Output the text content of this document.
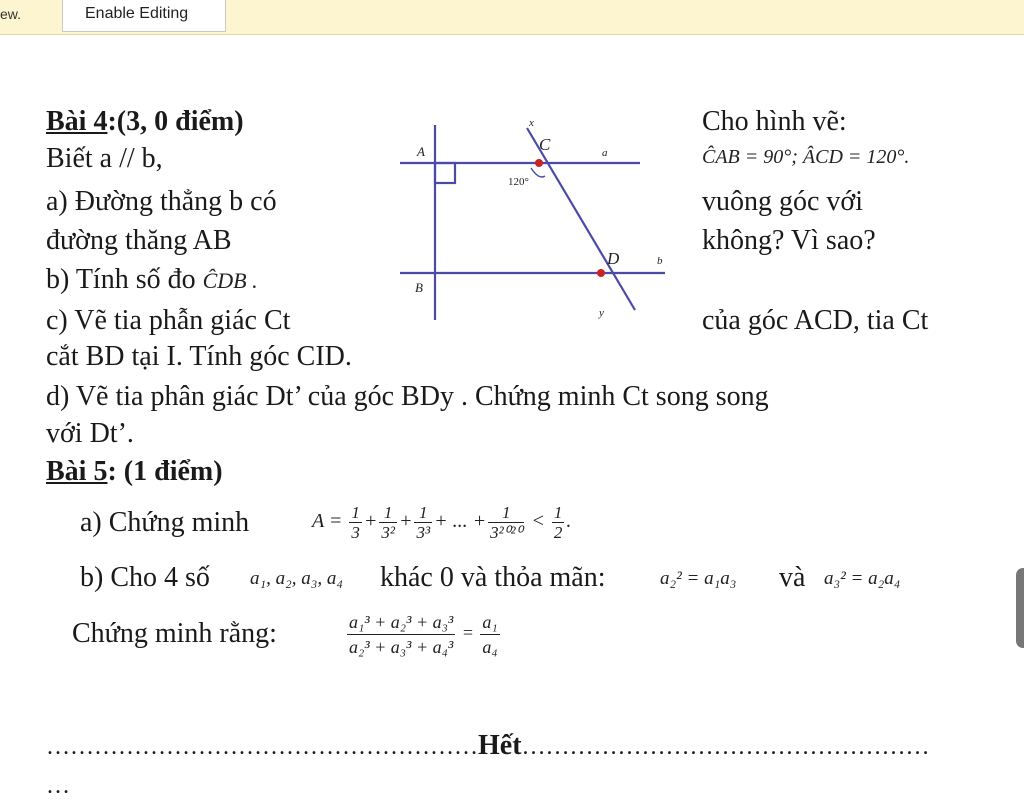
ew.	Enable Editing
Bài 4:(3, 0 điểm)
Biết a // b,
Cho hình vẽ:
ĈAB = 90°; ÂCD = 120°.
a) Đường thẳng b có	vuông góc với
đường thăng AB	không? Vì sao?
b) Tính số đo ĈDB .
c) Vẽ tia phẫn giác Ct	của góc ACD, tia Ct
cắt BD tại I. Tính góc CID.
d) Vẽ tia phân giác Dt’ của góc BDy . Chứng minh Ct song song
với Dt’.
A
B
C
D
x
y
a
b
120°
Bài 5: (1 điểm)
a) Chứng minh	$A = \frac{1}{3} + \frac{1}{\text{3²}} + \frac{1}{\text{3³}}$ + ... + $\frac{1}{\text{3²⁰²⁰}} < \frac{1}{2}$ .
b) Cho 4 số a₁, a₂, a₃, a₄ khác 0 và thỏa mãn:	a₂² = a₁a₃ và a₃² = a₂a₄
Chứng minh rằng:	$\frac{\text{a₁³ + a₂³ + a₃³}}{\text{a₂³ + a₃³ + a₄³}} = \frac{\text{a₁}}{\text{a₄}}$
………………………………………………Hết……………………………………………
…
